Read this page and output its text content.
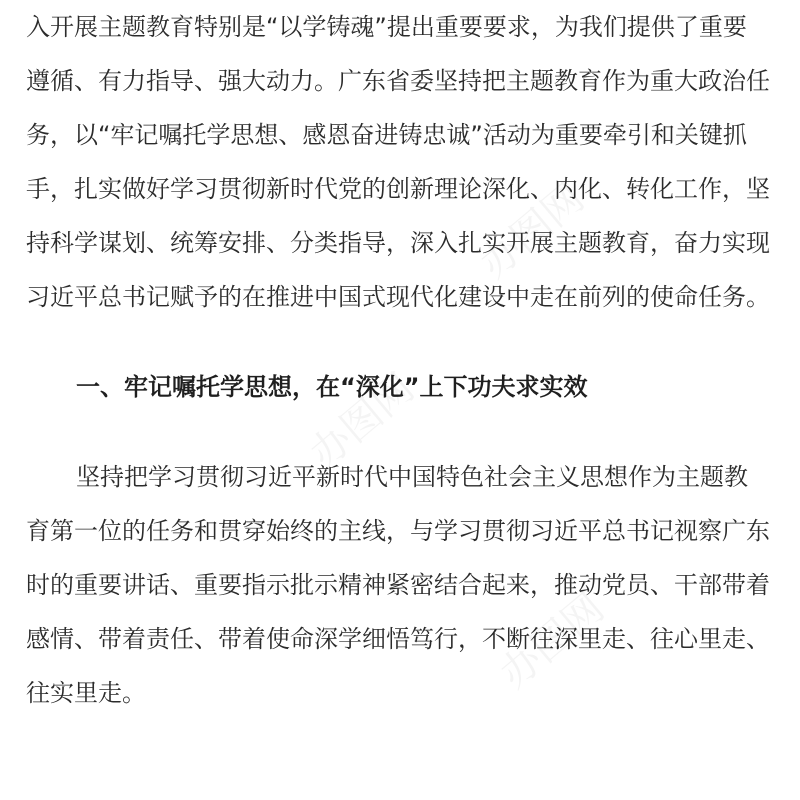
办图网
办图网
办图网
入开展主题教育特别是“以学铸魂”提出重要要求，为我们提供了重要
遵循、有力指导、强大动力。广东省委坚持把主题教育作为重大政治任
务，以“牢记嘱托学思想、感恩奋进铸忠诚”活动为重要牵引和关键抓
手，扎实做好学习贯彻新时代党的创新理论深化、内化、转化工作，坚
持科学谋划、统筹安排、分类指导，深入扎实开展主题教育，奋力实现
习近平总书记赋予的在推进中国式现代化建设中走在前列的使命任务。
一、牢记嘱托学思想，在“深化”上下功夫求实效
坚持把学习贯彻习近平新时代中国特色社会主义思想作为主题教
育第一位的任务和贯穿始终的主线，与学习贯彻习近平总书记视察广东
时的重要讲话、重要指示批示精神紧密结合起来，推动党员、干部带着
感情、带着责任、带着使命深学细悟笃行，不断往深里走、往心里走、
往实里走。
